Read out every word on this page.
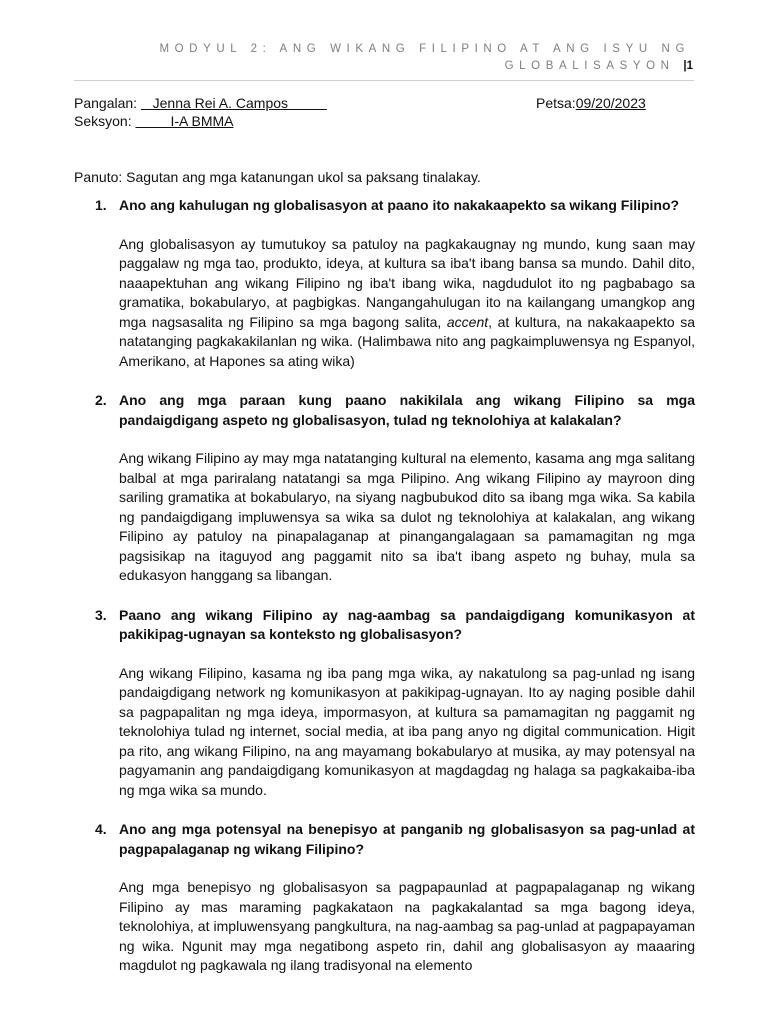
MODYUL 2: ANG WIKANG FILIPINO AT ANG ISYU NG
GLOBALISASYON |1
Pangalan:    Jenna Rei A. Campos	Petsa:09/20/2023
Seksyon:          I-A BMMA
Panuto: Sagutan ang mga katanungan ukol sa paksang tinalakay.
1. Ano ang kahulugan ng globalisasyon at paano ito nakakaapekto sa wikang Filipino?

Ang globalisasyon ay tumutukoy sa patuloy na pagkakaugnay ng mundo, kung saan may paggalaw ng mga tao, produkto, ideya, at kultura sa iba't ibang bansa sa mundo. Dahil dito, naaapektuhan ang wikang Filipino ng iba't ibang wika, nagdudulot ito ng pagbabago sa gramatika, bokabularyo, at pagbigkas. Nangangahulugan ito na kailangang umangkop ang mga nagsasalita ng Filipino sa mga bagong salita, accent, at kultura, na nakakaapekto sa natatanging pagkakakilanlan ng wika. (Halimbawa nito ang pagkaimpluwensya ng Espanyol, Amerikano, at Hapones sa ating wika)

2. Ano ang mga paraan kung paano nakikilala ang wikang Filipino sa mga pandaigdigang aspeto ng globalisasyon, tulad ng teknolohiya at kalakalan?

Ang wikang Filipino ay may mga natatanging kultural na elemento, kasama ang mga salitang balbal at mga pariralang natatangi sa mga Pilipino. Ang wikang Filipino ay mayroon ding sariling gramatika at bokabularyo, na siyang nagbubukod dito sa ibang mga wika. Sa kabila ng pandaigdigang impluwensya sa wika sa dulot ng teknolohiya at kalakalan, ang wikang Filipino ay patuloy na pinapalaganap at pinangangalagaan sa pamamagitan ng mga pagsisikap na itaguyod ang paggamit nito sa iba't ibang aspeto ng buhay, mula sa edukasyon hanggang sa libangan.

3. Paano ang wikang Filipino ay nag-aambag sa pandaigdigang komunikasyon at pakikipag-ugnayan sa konteksto ng globalisasyon?

Ang wikang Filipino, kasama ng iba pang mga wika, ay nakatulong sa pag-unlad ng isang pandaigdigang network ng komunikasyon at pakikipag-ugnayan. Ito ay naging posible dahil sa pagpapalitan ng mga ideya, impormasyon, at kultura sa pamamagitan ng paggamit ng teknolohiya tulad ng internet, social media, at iba pang anyo ng digital communication. Higit pa rito, ang wikang Filipino, na ang mayamang bokabularyo at musika, ay may potensyal na pagyamanin ang pandaigdigang komunikasyon at magdagdag ng halaga sa pagkakaiba-iba ng mga wika sa mundo.

4. Ano ang mga potensyal na benepisyo at panganib ng globalisasyon sa pag-unlad at pagpapalaganap ng wikang Filipino?

Ang mga benepisyo ng globalisasyon sa pagpapaunlad at pagpapalaganap ng wikang Filipino ay mas maraming pagkakataon na pagkakalantad sa mga bagong ideya, teknolohiya, at impluwensyang pangkultura, na nag-aambag sa pag-unlad at pagpapayaman ng wika. Ngunit may mga negatibong aspeto rin, dahil ang globalisasyon ay maaaring magdulot ng pagkawala ng ilang tradisyonal na elemento
